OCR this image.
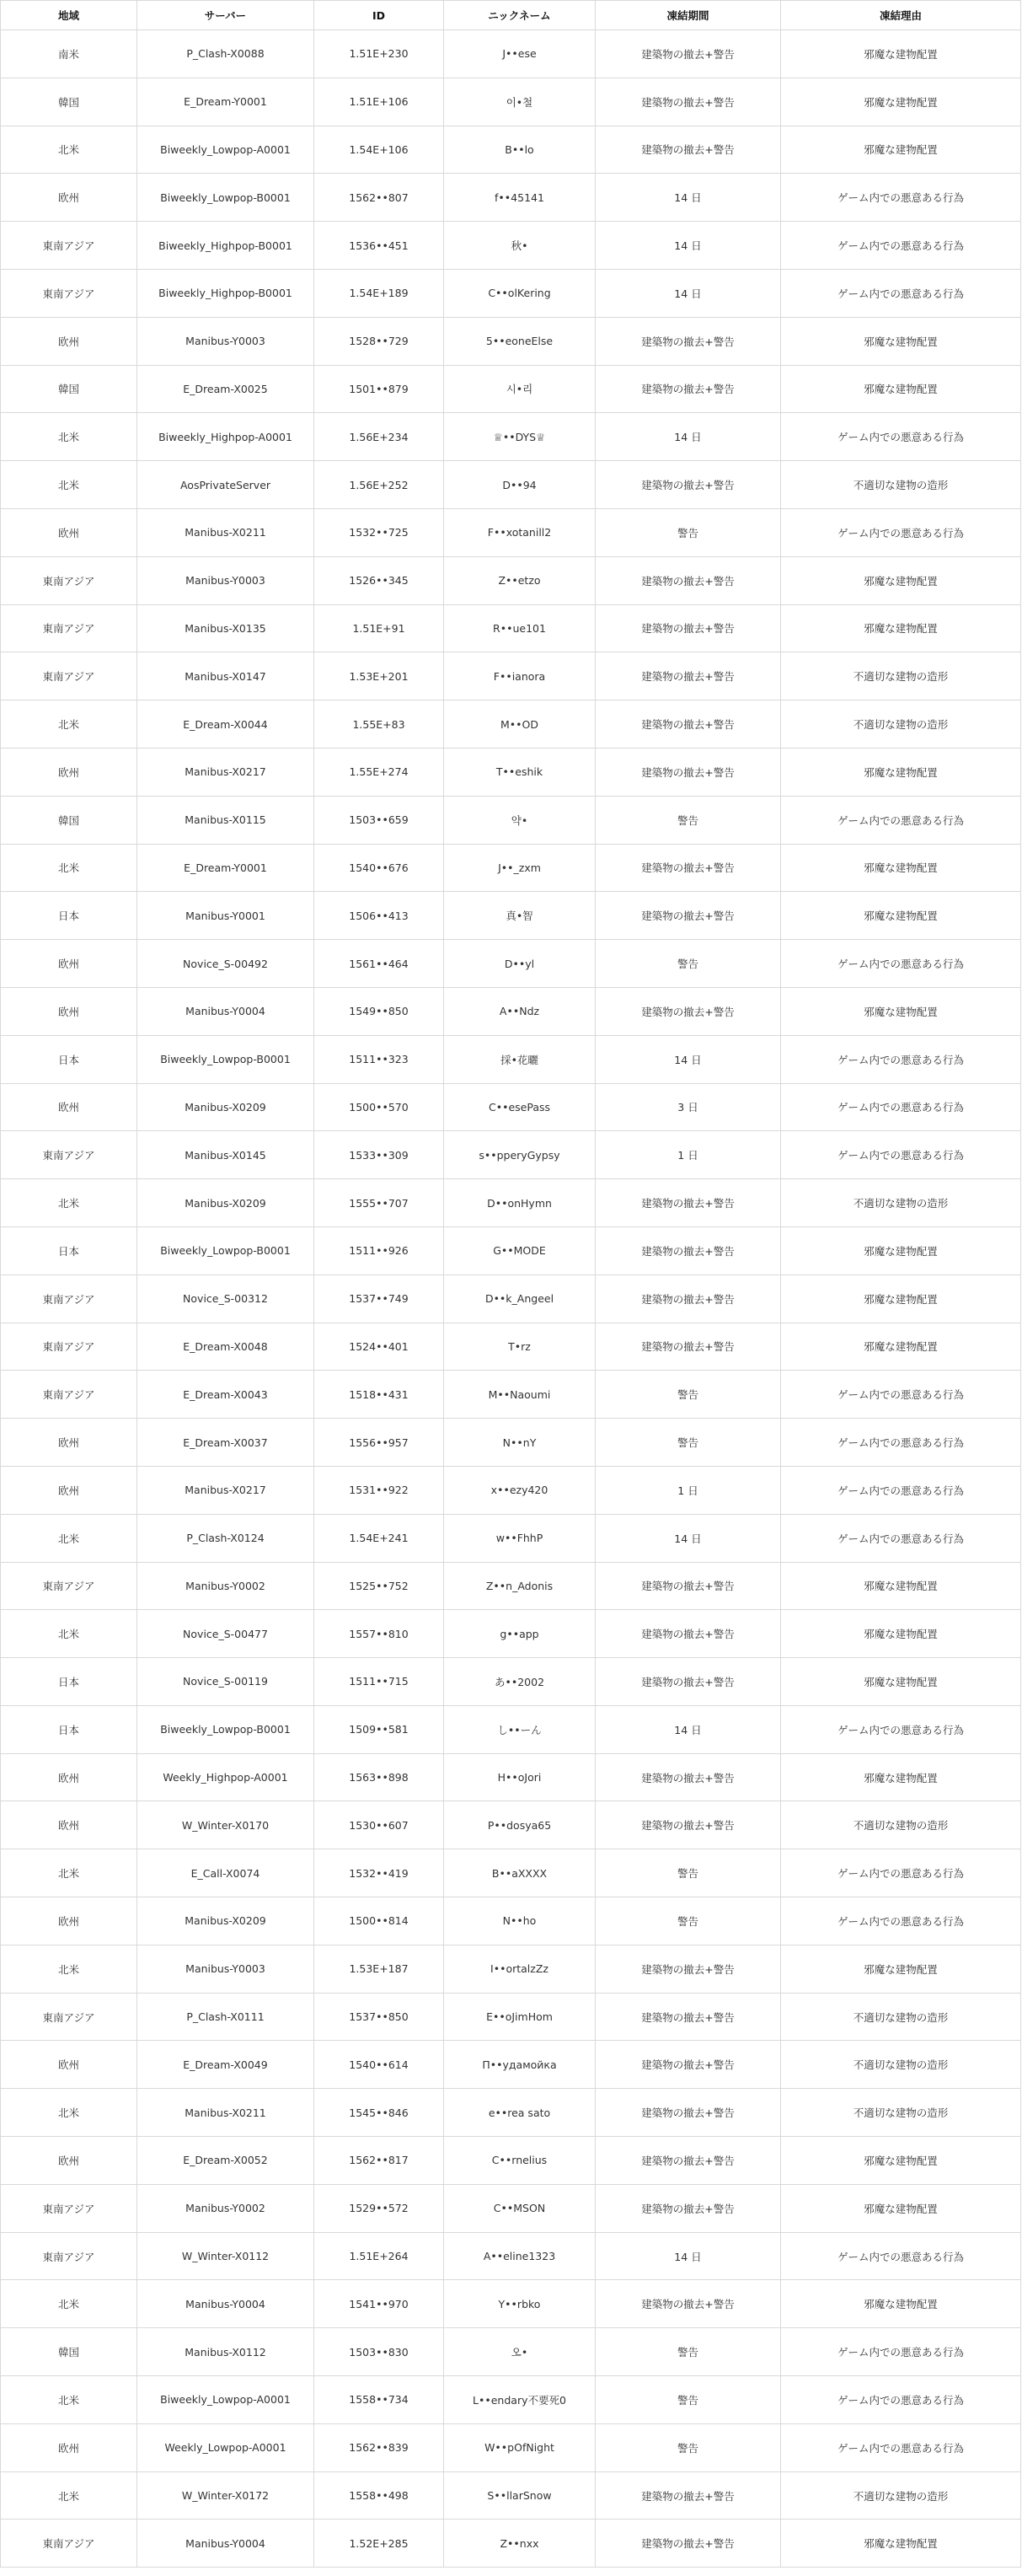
地域	サーバー	ID	ニックネーム	凍結期間	凍結理由
南米	P_Clash-X0088	1.51E+230	J••ese	建築物の撤去+警告	邪魔な建物配置
韓国	E_Dream-Y0001	1.51E+106	이•철	建築物の撤去+警告	邪魔な建物配置
北米	Biweekly_Lowpop-A0001	1.54E+106	B••lo	建築物の撤去+警告	邪魔な建物配置
欧州	Biweekly_Lowpop-B0001	1562••807	f••45141	14 日	ゲーム内での悪意ある行為
東南アジア	Biweekly_Highpop-B0001	1536••451	秋•	14 日	ゲーム内での悪意ある行為
東南アジア	Biweekly_Highpop-B0001	1.54E+189	C••olKering	14 日	ゲーム内での悪意ある行為
欧州	Manibus-Y0003	1528••729	5••eoneElse	建築物の撤去+警告	邪魔な建物配置
韓国	E_Dream-X0025	1501••879	시•리	建築物の撤去+警告	邪魔な建物配置
北米	Biweekly_Highpop-A0001	1.56E+234	♕••DYS♕	14 日	ゲーム内での悪意ある行為
北米	AosPrivateServer	1.56E+252	D••94	建築物の撤去+警告	不適切な建物の造形
欧州	Manibus-X0211	1532••725	F••xotanill2	警告	ゲーム内での悪意ある行為
東南アジア	Manibus-Y0003	1526••345	Z••etzo	建築物の撤去+警告	邪魔な建物配置
東南アジア	Manibus-X0135	1.51E+91	R••ue101	建築物の撤去+警告	邪魔な建物配置
東南アジア	Manibus-X0147	1.53E+201	F••ianora	建築物の撤去+警告	不適切な建物の造形
北米	E_Dream-X0044	1.55E+83	M••OD	建築物の撤去+警告	不適切な建物の造形
欧州	Manibus-X0217	1.55E+274	T••eshik	建築物の撤去+警告	邪魔な建物配置
韓国	Manibus-X0115	1503••659	약•	警告	ゲーム内での悪意ある行為
北米	E_Dream-Y0001	1540••676	J••_zxm	建築物の撤去+警告	邪魔な建物配置
日本	Manibus-Y0001	1506••413	真•智	建築物の撤去+警告	邪魔な建物配置
欧州	Novice_S-00492	1561••464	D••yl	警告	ゲーム内での悪意ある行為
欧州	Manibus-Y0004	1549••850	A••Ndz	建築物の撤去+警告	邪魔な建物配置
日本	Biweekly_Lowpop-B0001	1511••323	採•花曬	14 日	ゲーム内での悪意ある行為
欧州	Manibus-X0209	1500••570	C••esePass	3 日	ゲーム内での悪意ある行為
東南アジア	Manibus-X0145	1533••309	s••pperyGypsy	1 日	ゲーム内での悪意ある行為
北米	Manibus-X0209	1555••707	D••onHymn	建築物の撤去+警告	不適切な建物の造形
日本	Biweekly_Lowpop-B0001	1511••926	G••MODE	建築物の撤去+警告	邪魔な建物配置
東南アジア	Novice_S-00312	1537••749	D••k_Angeel	建築物の撤去+警告	邪魔な建物配置
東南アジア	E_Dream-X0048	1524••401	T•rz	建築物の撤去+警告	邪魔な建物配置
東南アジア	E_Dream-X0043	1518••431	M••Naoumi	警告	ゲーム内での悪意ある行為
欧州	E_Dream-X0037	1556••957	N••nY	警告	ゲーム内での悪意ある行為
欧州	Manibus-X0217	1531••922	x••ezy420	1 日	ゲーム内での悪意ある行為
北米	P_Clash-X0124	1.54E+241	w••FhhP	14 日	ゲーム内での悪意ある行為
東南アジア	Manibus-Y0002	1525••752	Z••n_Adonis	建築物の撤去+警告	邪魔な建物配置
北米	Novice_S-00477	1557••810	g••app	建築物の撤去+警告	邪魔な建物配置
日本	Novice_S-00119	1511••715	あ••2002	建築物の撤去+警告	邪魔な建物配置
日本	Biweekly_Lowpop-B0001	1509••581	し••ーん	14 日	ゲーム内での悪意ある行為
欧州	Weekly_Highpop-A0001	1563••898	H••oJori	建築物の撤去+警告	邪魔な建物配置
欧州	W_Winter-X0170	1530••607	P••dosya65	建築物の撤去+警告	不適切な建物の造形
北米	E_Call-X0074	1532••419	B••aXXXX	警告	ゲーム内での悪意ある行為
欧州	Manibus-X0209	1500••814	N••ho	警告	ゲーム内での悪意ある行為
北米	Manibus-Y0003	1.53E+187	I••ortalzZz	建築物の撤去+警告	邪魔な建物配置
東南アジア	P_Clash-X0111	1537••850	E••oJimHom	建築物の撤去+警告	不適切な建物の造形
欧州	E_Dream-X0049	1540••614	П••удамойка	建築物の撤去+警告	不適切な建物の造形
北米	Manibus-X0211	1545••846	e••rea sato	建築物の撤去+警告	不適切な建物の造形
欧州	E_Dream-X0052	1562••817	C••rnelius	建築物の撤去+警告	邪魔な建物配置
東南アジア	Manibus-Y0002	1529••572	C••MSON	建築物の撤去+警告	邪魔な建物配置
東南アジア	W_Winter-X0112	1.51E+264	A••eline1323	14 日	ゲーム内での悪意ある行為
北米	Manibus-Y0004	1541••970	Y••rbko	建築物の撤去+警告	邪魔な建物配置
韓国	Manibus-X0112	1503••830	오•	警告	ゲーム内での悪意ある行為
北米	Biweekly_Lowpop-A0001	1558••734	L••endary不要死0	警告	ゲーム内での悪意ある行為
欧州	Weekly_Lowpop-A0001	1562••839	W••pOfNight	警告	ゲーム内での悪意ある行為
北米	W_Winter-X0172	1558••498	S••llarSnow	建築物の撤去+警告	不適切な建物の造形
東南アジア	Manibus-Y0004	1.52E+285	Z••nxx	建築物の撤去+警告	邪魔な建物配置
